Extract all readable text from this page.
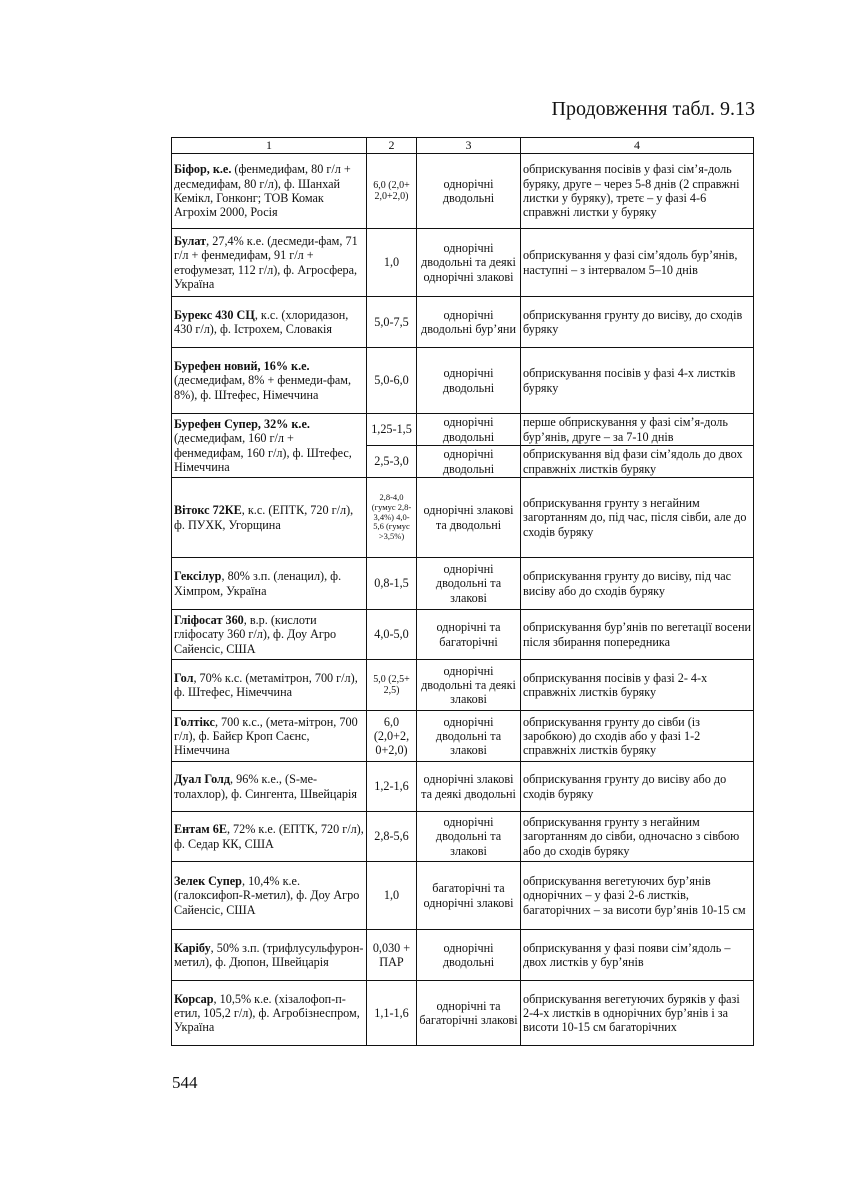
Продовження табл. 9.13
1	2	3	4
Біфор, к.е. (фенмедифам, 80 г/л + десмедифам, 80 г/л), ф. Шанхай Кемікл, Гонконг; ТОВ Комак Агрохім 2000, Росія	6,0 (2,0+ 2,0+2,0)	однорічні дводольні	обприскування посівів у фазі сім’я-доль буряку, друге – через 5-8 днів (2 справжні листки у буряку), третє – у фазі 4-6 справжні листки у буряку
Булат, 27,4% к.е. (десмеди-фам, 71 г/л + фенмедифам, 91 г/л + етофумезат, 112 г/л), ф. Агросфера, Україна	1,0	однорічні дводольні та деякі однорічні злакові	обприскування у фазі сім’ядоль бур’янів, наступні – з інтервалом 5–10 днів
Бурекс 430 СЦ, к.с. (хлоридазон, 430 г/л), ф. Істрохем, Словакія	5,0-7,5	однорічні дводольні бур’яни	обприскування грунту до висіву, до сходів буряку
Бурефен новий, 16% к.е. (десмедифам, 8% + фенмеди-фам, 8%), ф. Штефес, Німеччина	5,0-6,0	однорічні дводольні	обприскування посівів у фазі 4-х листків буряку
Бурефен Супер, 32% к.е. (десмедифам, 160 г/л + фенмедифам, 160 г/л), ф. Штефес, Німеччина	1,25-1,5	однорічні дводольні	перше обприскування у фазі сім’я-доль бур’янів, друге – за 7-10 днів
	2,5-3,0	однорічні дводольні	обприскування від фази сім’ядоль до двох справжніх листків буряку
Вітокс 72КЕ, к.с. (ЕПТК, 720 г/л), ф. ПУХК, Угорщина	2,8-4,0 (гумус 2,8-3,4%) 4,0-5,6 (гумус >3,5%)	однорічні злакові та дводольні	обприскування грунту з негайним загортанням до, під час, після сівби, але до сходів буряку
Гексілур, 80% з.п. (ленацил), ф. Хімпром, Україна	0,8-1,5	однорічні дводольні та злакові	обприскування грунту до висіву, під час висіву або до сходів буряку
Гліфосат 360, в.р. (кислоти гліфосату 360 г/л), ф. Доу Агро Сайенсіс, США	4,0-5,0	однорічні та багаторічні	обприскування бур’янів по вегетації восени після збирання попередника
Гол, 70% к.с. (метамітрон, 700 г/л), ф. Штефес, Німеччина	5,0 (2,5+ 2,5)	однорічні дводольні та деякі злакові	обприскування посівів у фазі 2- 4-х справжніх листків буряку
Голтікс, 700 к.с., (мета-мітрон, 700 г/л), ф. Байєр Кроп Саєнс, Німеччина	6,0 (2,0+2, 0+2,0)	однорічні дводольні та злакові	обприскування грунту до сівби (із заробкою) до сходів або у фазі 1-2 справжніх листків буряку
Дуал Голд, 96% к.е., (S-ме-толахлор), ф. Сингента, Швейцарія	1,2-1,6	однорічні злакові та деякі дводольні	обприскування грунту до висіву або до сходів буряку
Ентам 6Е, 72% к.е. (ЕПТК, 720 г/л), ф. Седар КК, США	2,8-5,6	однорічні дводольні та злакові	обприскування грунту з негайним загортанням до сівби, одночасно з сівбою або до сходів буряку
Зелек Супер, 10,4% к.е. (галоксифоп-R-метил), ф. Доу Агро Сайенсіс, США	1,0	багаторічні та однорічні злакові	обприскування вегетуючих бур’янів однорічних – у фазі 2-6 листків, багаторічних – за висоти бур’янів 10-15 см
Карібу, 50% з.п. (трифлусульфурон-метил), ф. Дюпон, Швейцарія	0,030 + ПАР	однорічні дводольні	обприскування у фазі появи сім’ядоль – двох листків у бур’янів
Корсар, 10,5% к.е. (хізалофоп-п-етил, 105,2 г/л), ф. Агробізнеспром, Україна	1,1-1,6	однорічні та багаторічні злакові	обприскування вегетуючих буряків у фазі 2-4-х листків в однорічних бур’янів і за висоти 10-15 см багаторічних
544
